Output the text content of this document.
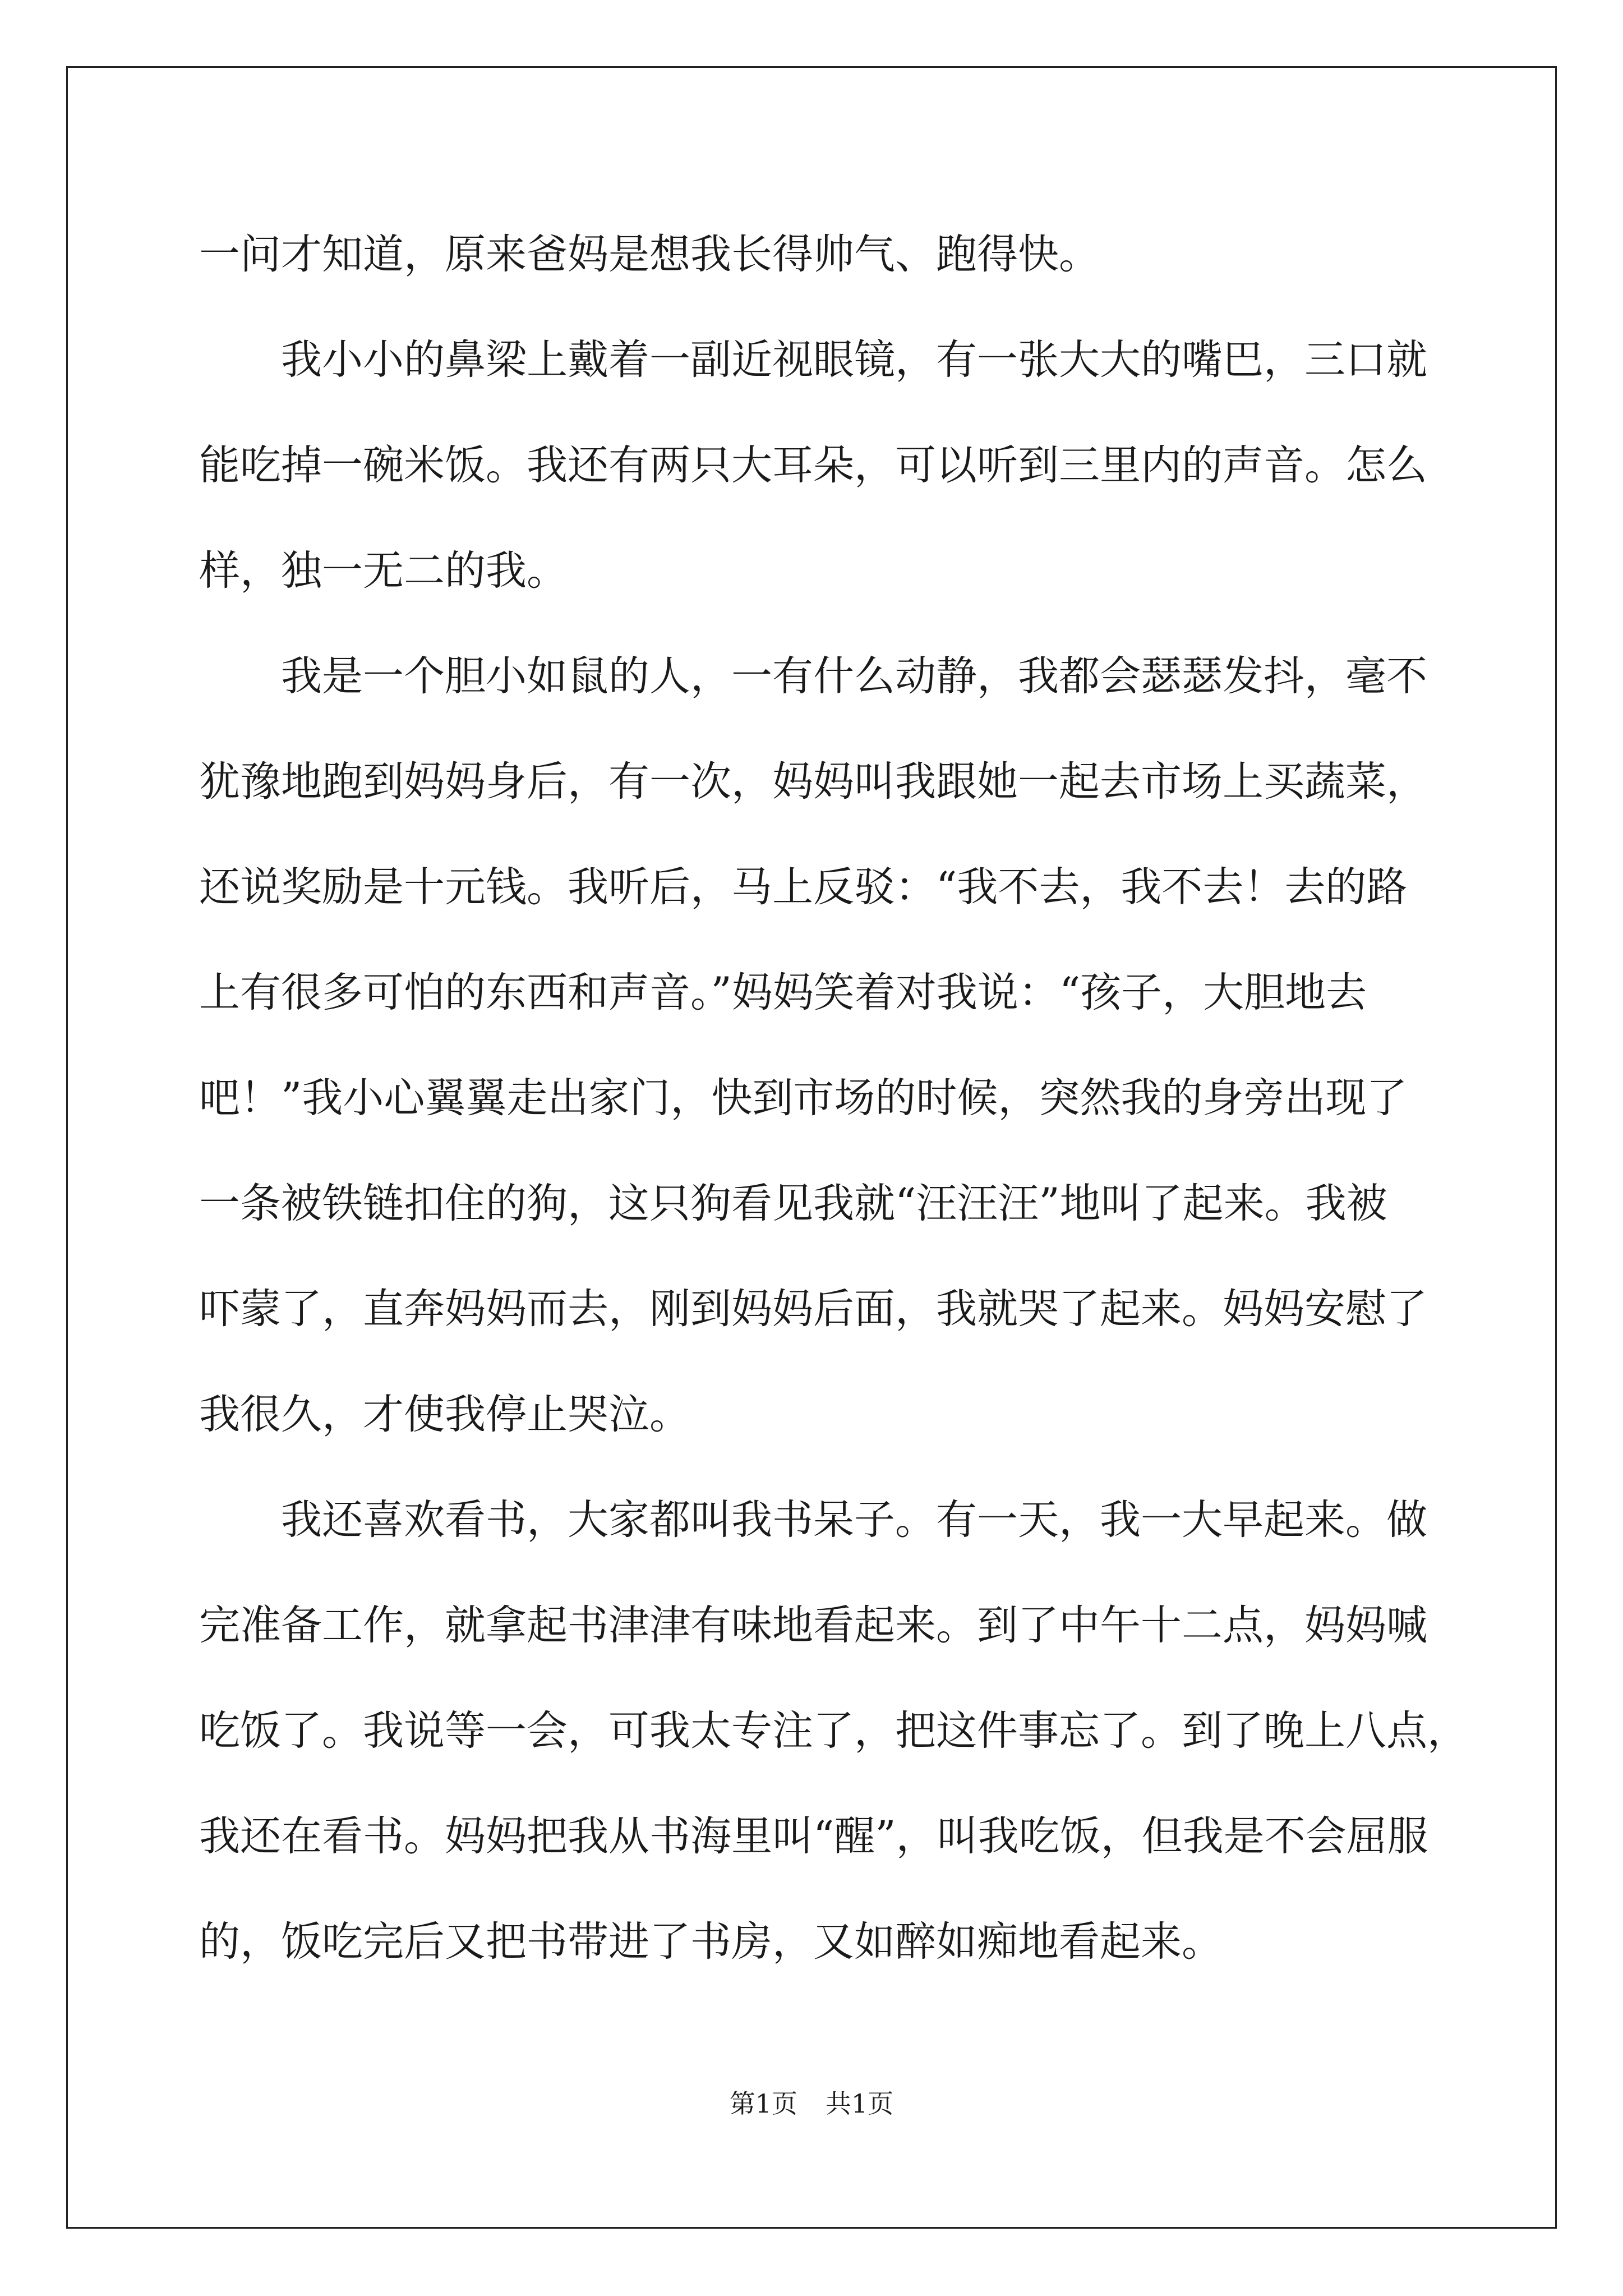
一问才知道，原来爸妈是想我长得帅气、跑得快。
我小小的鼻梁上戴着一副近视眼镜，有一张大大的嘴巴，三口就
能吃掉一碗米饭。我还有两只大耳朵，可以听到三里内的声音。怎么
样，独一无二的我。
我是一个胆小如鼠的人，一有什么动静，我都会瑟瑟发抖，毫不
犹豫地跑到妈妈身后，有一次，妈妈叫我跟她一起去市场上买蔬菜，
还说奖励是十元钱。我听后，马上反驳：“我不去，我不去！去的路
上有很多可怕的东西和声音。”妈妈笑着对我说：“孩子，大胆地去
吧！”我小心翼翼走出家门，快到市场的时候，突然我的身旁出现了
一条被铁链扣住的狗，这只狗看见我就“汪汪汪”地叫了起来。我被
吓蒙了，直奔妈妈而去，刚到妈妈后面，我就哭了起来。妈妈安慰了
我很久，才使我停止哭泣。
我还喜欢看书，大家都叫我书呆子。有一天，我一大早起来。做
完准备工作，就拿起书津津有味地看起来。到了中午十二点，妈妈喊
吃饭了。我说等一会，可我太专注了，把这件事忘了。到了晚上八点，
我还在看书。妈妈把我从书海里叫“醒”，叫我吃饭，但我是不会屈服
的，饭吃完后又把书带进了书房，又如醉如痴地看起来。
第1页 共1页
